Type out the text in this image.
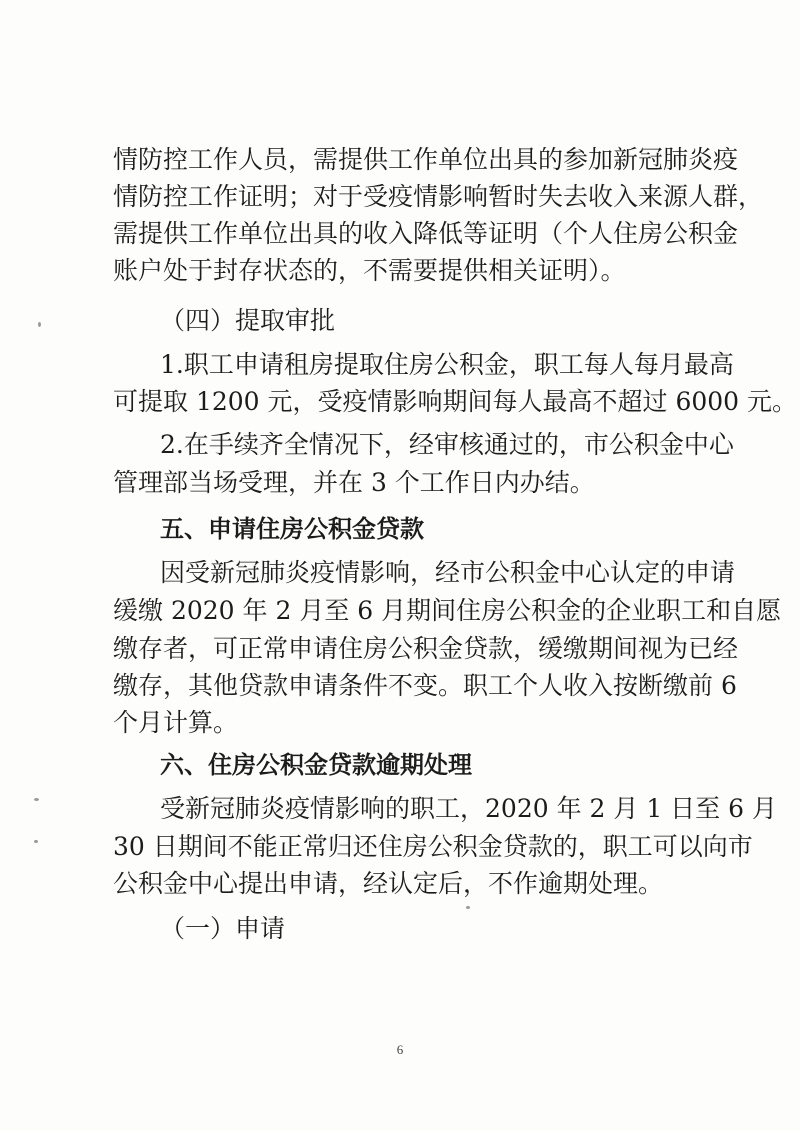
情防控工作人员，需提供工作单位出具的参加新冠肺炎疫
情防控工作证明；对于受疫情影响暂时失去收入来源人群，
需提供工作单位出具的收入降低等证明（个人住房公积金
账户处于封存状态的，不需要提供相关证明）。
（四）提取审批
1.职工申请租房提取住房公积金，职工每人每月最高
可提取 1200 元，受疫情影响期间每人最高不超过 6000 元。
2.在手续齐全情况下，经审核通过的，市公积金中心
管理部当场受理，并在 3 个工作日内办结。
五、申请住房公积金贷款
因受新冠肺炎疫情影响，经市公积金中心认定的申请
缓缴 2020 年 2 月至 6 月期间住房公积金的企业职工和自愿
缴存者，可正常申请住房公积金贷款，缓缴期间视为已经
缴存，其他贷款申请条件不变。职工个人收入按断缴前 6
个月计算。
六、住房公积金贷款逾期处理
受新冠肺炎疫情影响的职工，2020 年 2 月 1 日至 6 月
30 日期间不能正常归还住房公积金贷款的，职工可以向市
公积金中心提出申请，经认定后，不作逾期处理。
（一）申请
6
